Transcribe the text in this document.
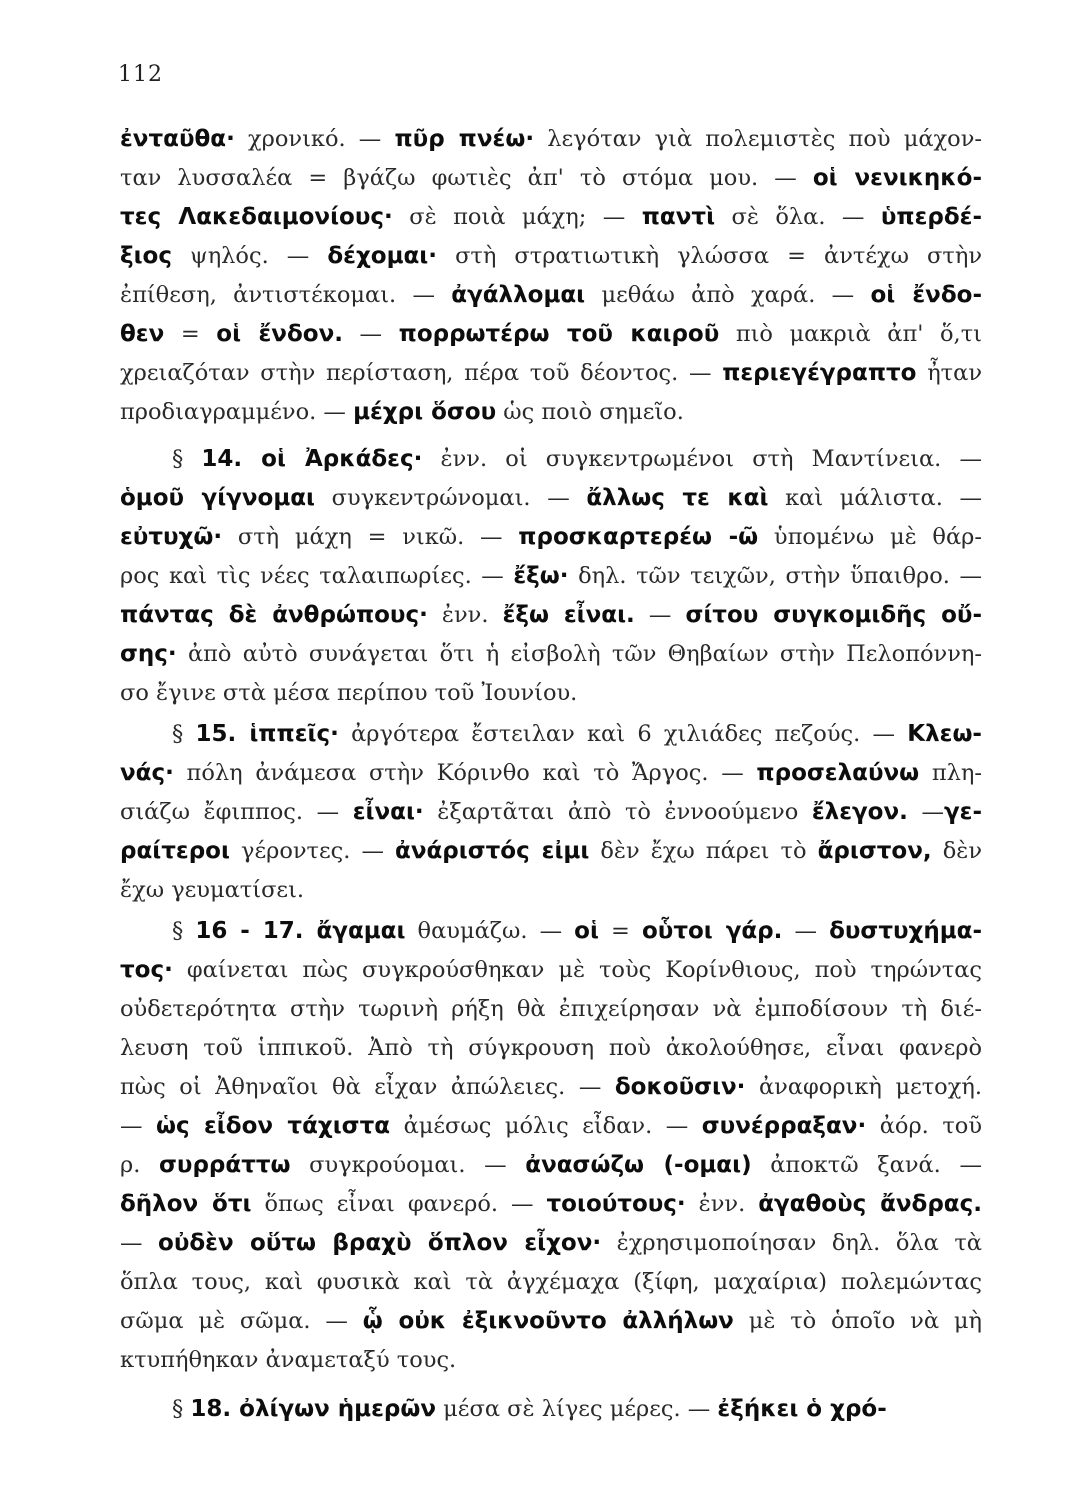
112
ἐνταῦθα· χρονικό. — πῦρ πνέω· λεγόταν γιὰ πολεμιστὲς ποὺ μάχον-
ταν λυσσαλέα = βγάζω φωτιὲς ἀπ' τὸ στόμα μου. — οἱ νενικηκό-
τες Λακεδαιμονίους· σὲ ποιὰ μάχη; — παντὶ σὲ ὅλα. — ὑπερδέ-
ξιος ψηλός. — δέχομαι· στὴ στρατιωτικὴ γλώσσα = ἀντέχω στὴν
ἐπίθεση, ἀντιστέκομαι. — ἀγάλλομαι μεθάω ἀπὸ χαρά. — οἱ ἔνδο-
θεν = οἱ ἔνδον. — πορρωτέρω τοῦ καιροῦ πιὸ μακριὰ ἀπ' ὅ,τι
χρειαζόταν στὴν περίσταση, πέρα τοῦ δέοντος. — περιεγέγραπτο ἦταν
προδιαγραμμένο. — μέχρι ὅσου ὡς ποιὸ σημεῖο.
§ 14. οἱ Ἀρκάδες· ἐνν. οἱ συγκεντρωμένοι στὴ Μαντίνεια. —
ὁμοῦ γίγνομαι συγκεντρώνομαι. — ἄλλως τε καὶ καὶ μάλιστα. —
εὐτυχῶ· στὴ μάχη = νικῶ. — προσκαρτερέω -ῶ ὑπομένω μὲ θάρ-
ρος καὶ τὶς νέες ταλαιπωρίες. — ἔξω· δηλ. τῶν τειχῶν, στὴν ὕπαιθρο. —
πάντας δὲ ἀνθρώπους· ἐνν. ἔξω εἶναι. — σίτου συγκομιδῆς οὔ-
σης· ἀπὸ αὐτὸ συνάγεται ὅτι ἡ εἰσβολὴ τῶν Θηβαίων στὴν Πελοπόννη-
σο ἔγινε στὰ μέσα περίπου τοῦ Ἰουνίου.
§ 15. ἱππεῖς· ἀργότερα ἔστειλαν καὶ 6 χιλιάδες πεζούς. — Κλεω-
νάς· πόλη ἀνάμεσα στὴν Κόρινθο καὶ τὸ Ἄργος. — προσελαύνω πλη-
σιάζω ἔφιππος. — εἶναι· ἐξαρτᾶται ἀπὸ τὸ ἐννοούμενο ἔλεγον. —γε-
ραίτεροι γέροντες. — ἀνάριστός εἰμι δὲν ἔχω πάρει τὸ ἄριστον, δὲν
ἔχω γευματίσει.
§ 16 - 17. ἄγαμαι θαυμάζω. — οἱ = οὗτοι γάρ. — δυστυχήμα-
τος· φαίνεται πὼς συγκρούσθηκαν μὲ τοὺς Κορίνθιους, ποὺ τηρώντας
οὐδετερότητα στὴν τωρινὴ ρήξη θὰ ἐπιχείρησαν νὰ ἐμποδίσουν τὴ διέ-
λευση τοῦ ἱππικοῦ. Ἀπὸ τὴ σύγκρουση ποὺ ἀκολούθησε, εἶναι φανερὸ
πὼς οἱ Ἀθηναῖοι θὰ εἶχαν ἀπώλειες. — δοκοῦσιν· ἀναφορικὴ μετοχή.
— ὡς εἶδον τάχιστα ἀμέσως μόλις εἶδαν. — συνέρραξαν· ἀόρ. τοῦ
ρ. συρράττω συγκρούομαι. — ἀνασώζω (-ομαι) ἀποκτῶ ξανά. —
δῆλον ὅτι ὅπως εἶναι φανερό. — τοιούτους· ἐνν. ἀγαθοὺς ἄνδρας.
— οὐδὲν οὕτω βραχὺ ὅπλον εἶχον· ἐχρησιμοποίησαν δηλ. ὅλα τὰ
ὅπλα τους, καὶ φυσικὰ καὶ τὰ ἀγχέμαχα (ξίφη, μαχαίρια) πολεμώντας
σῶμα μὲ σῶμα. — ᾧ οὐκ ἐξικνοῦντο ἀλλήλων μὲ τὸ ὁποῖο νὰ μὴ
κτυπήθηκαν ἀναμεταξύ τους.
§ 18. ὀλίγων ἡμερῶν μέσα σὲ λίγες μέρες. — ἐξήκει ὁ χρό-
